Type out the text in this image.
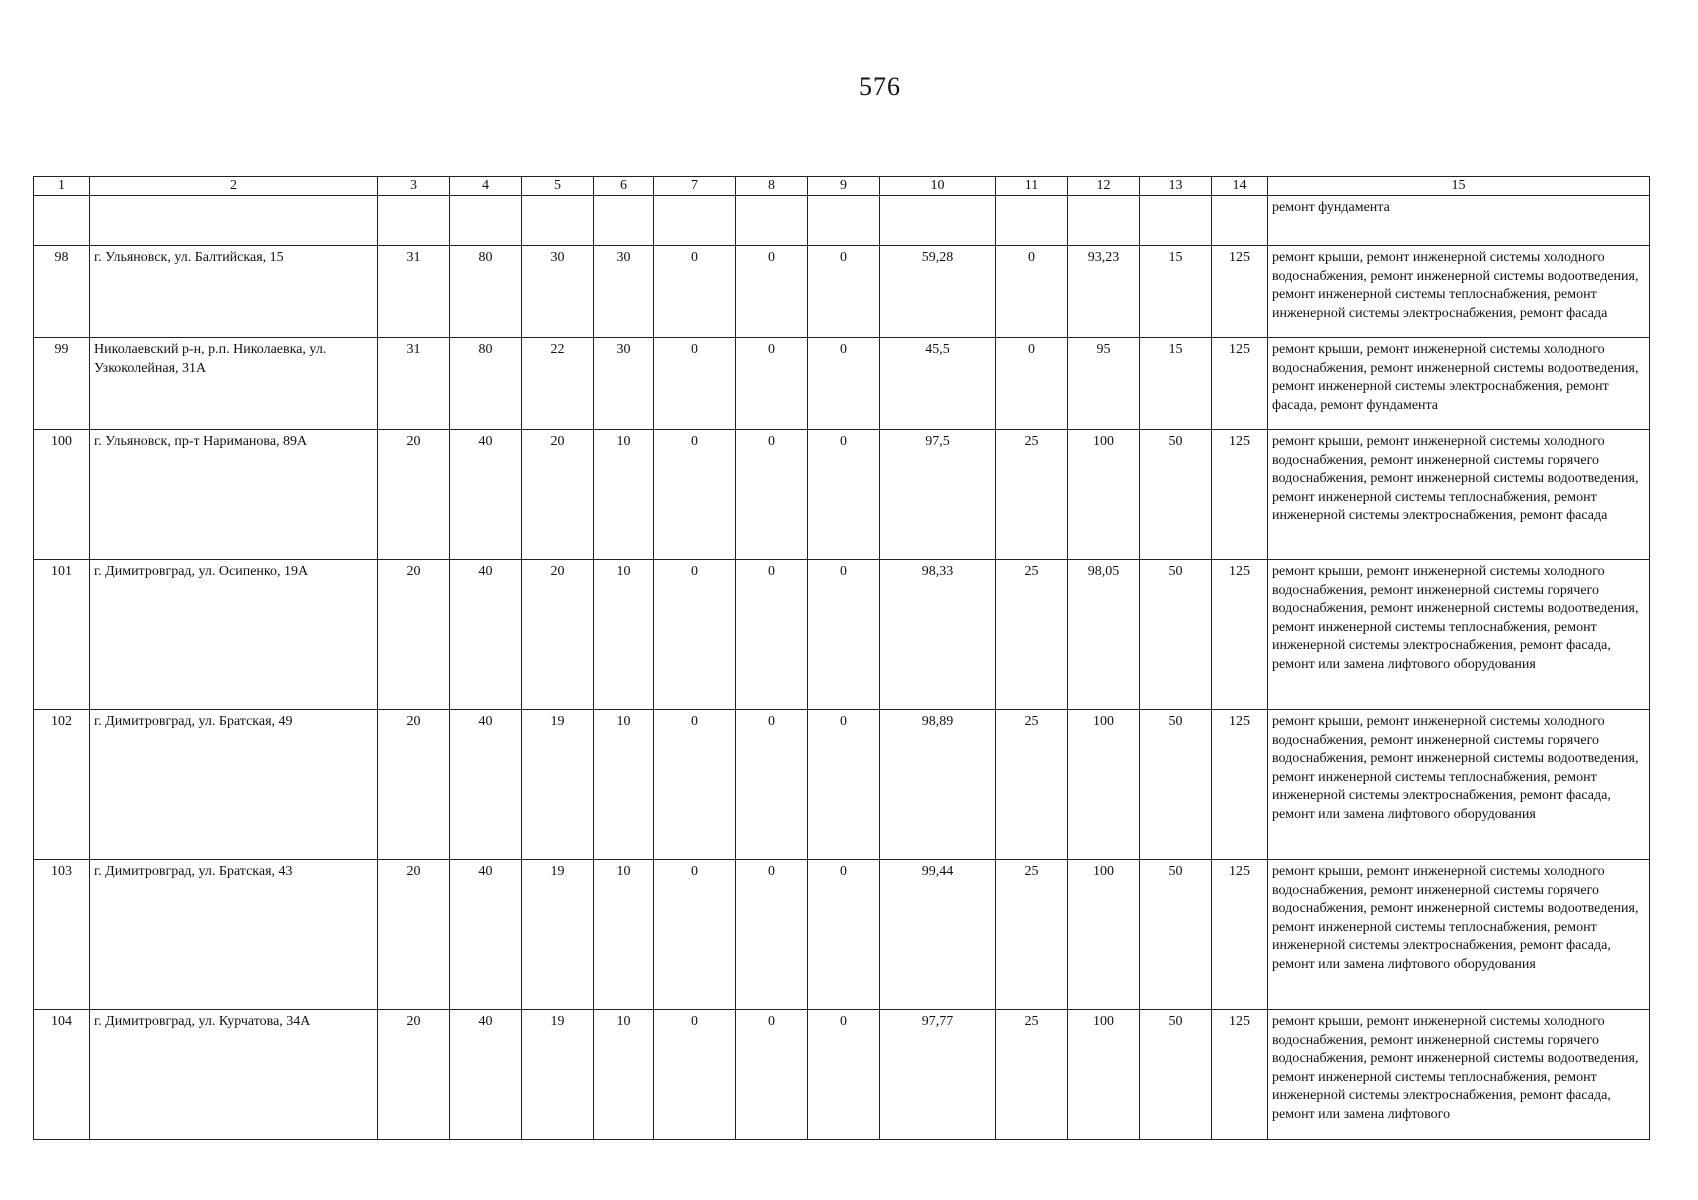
576
1	2	3	4	5	6	7	8	9	10	11	12	13	14	15
														ремонт фундамента
98	г. Ульяновск, ул. Балтийская, 15	31	80	30	30	0	0	0	59,28	0	93,23	15	125	ремонт крыши, ремонт инженерной системы холодного водоснабжения, ремонт инженерной системы водоотведения, ремонт инженерной системы теплоснабжения, ремонт инженерной системы электроснабжения, ремонт фасада
99	Николаевский р-н, р.п. Николаевка, ул. Узкоколейная, 31А	31	80	22	30	0	0	0	45,5	0	95	15	125	ремонт крыши, ремонт инженерной системы холодного водоснабжения, ремонт инженерной системы водоотведения, ремонт инженерной системы электроснабжения, ремонт фасада, ремонт фундамента
100	г. Ульяновск, пр-т Нариманова, 89А	20	40	20	10	0	0	0	97,5	25	100	50	125	ремонт крыши, ремонт инженерной системы холодного водоснабжения, ремонт инженерной системы горячего водоснабжения, ремонт инженерной системы водоотведения, ремонт инженерной системы теплоснабжения, ремонт инженерной системы электроснабжения, ремонт фасада
101	г. Димитровград, ул. Осипенко, 19А	20	40	20	10	0	0	0	98,33	25	98,05	50	125	ремонт крыши, ремонт инженерной системы холодного водоснабжения, ремонт инженерной системы горячего водоснабжения, ремонт инженерной системы водоотведения, ремонт инженерной системы теплоснабжения, ремонт инженерной системы электроснабжения, ремонт фасада, ремонт или замена лифтового оборудования
102	г. Димитровград, ул. Братская, 49	20	40	19	10	0	0	0	98,89	25	100	50	125	ремонт крыши, ремонт инженерной системы холодного водоснабжения, ремонт инженерной системы горячего водоснабжения, ремонт инженерной системы водоотведения, ремонт инженерной системы теплоснабжения, ремонт инженерной системы электроснабжения, ремонт фасада, ремонт или замена лифтового оборудования
103	г. Димитровград, ул. Братская, 43	20	40	19	10	0	0	0	99,44	25	100	50	125	ремонт крыши, ремонт инженерной системы холодного водоснабжения, ремонт инженерной системы горячего водоснабжения, ремонт инженерной системы водоотведения, ремонт инженерной системы теплоснабжения, ремонт инженерной системы электроснабжения, ремонт фасада, ремонт или замена лифтового оборудования
104	г. Димитровград, ул. Курчатова, 34А	20	40	19	10	0	0	0	97,77	25	100	50	125	ремонт крыши, ремонт инженерной системы холодного водоснабжения, ремонт инженерной системы горячего водоснабжения, ремонт инженерной системы водоотведения, ремонт инженерной системы теплоснабжения, ремонт инженерной системы электроснабжения, ремонт фасада, ремонт или замена лифтового
